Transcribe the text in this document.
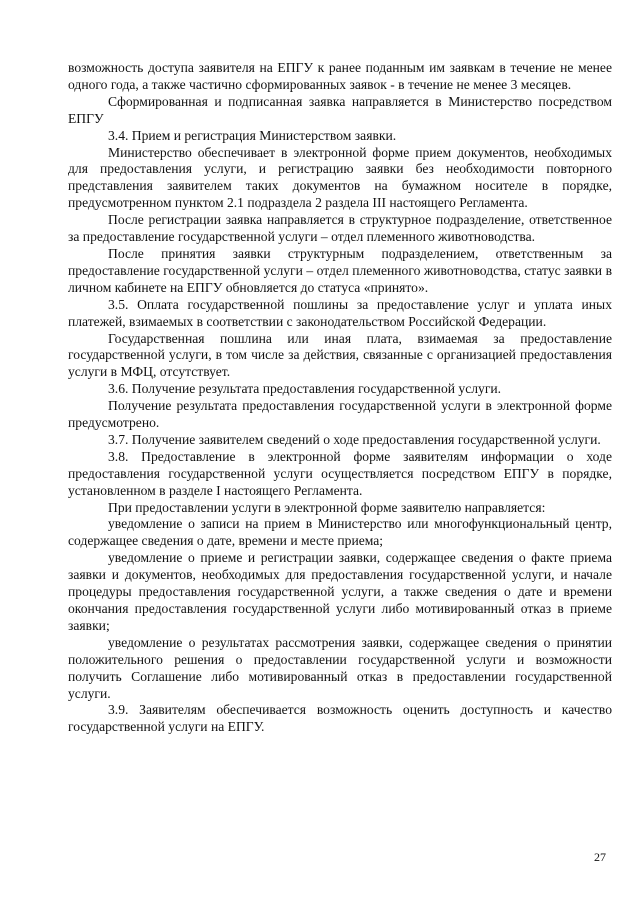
возможность доступа заявителя на ЕПГУ к ранее поданным им заявкам в течение не менее одного года, а также частично сформированных заявок - в течение не менее 3 месяцев.

Сформированная и подписанная заявка направляется в Министерство посредством ЕПГУ

3.4. Прием и регистрация Министерством заявки.

Министерство обеспечивает в электронной форме прием документов, необходимых для предоставления услуги, и регистрацию заявки без необходимости повторного представления заявителем таких документов на бумажном носителе в порядке, предусмотренном пунктом 2.1 подраздела 2 раздела III настоящего Регламента.

После регистрации заявка направляется в структурное подразделение, ответственное за предоставление государственной услуги – отдел племенного животноводства.

После принятия заявки структурным подразделением, ответственным за предоставление государственной услуги – отдел племенного животноводства, статус заявки в личном кабинете на ЕПГУ обновляется до статуса «принято».

3.5. Оплата государственной пошлины за предоставление услуг и уплата иных платежей, взимаемых в соответствии с законодательством Российской Федерации.

Государственная пошлина или иная плата, взимаемая за предоставление государственной услуги, в том числе за действия, связанные с организацией предоставления услуги в МФЦ, отсутствует.

3.6. Получение результата предоставления государственной услуги.

Получение результата предоставления государственной услуги в электронной форме предусмотрено.

3.7. Получение заявителем сведений о ходе предоставления государственной услуги.

3.8. Предоставление в электронной форме заявителям информации о ходе предоставления государственной услуги осуществляется посредством ЕПГУ в порядке, установленном в разделе I настоящего Регламента.

При предоставлении услуги в электронной форме заявителю направляется:

уведомление о записи на прием в Министерство или многофункциональный центр, содержащее сведения о дате, времени и месте приема;

уведомление о приеме и регистрации заявки, содержащее сведения о факте приема заявки и документов, необходимых для предоставления государственной услуги, и начале процедуры предоставления государственной услуги, а также сведения о дате и времени окончания предоставления государственной услуги либо мотивированный отказ в приеме заявки;

уведомление о результатах рассмотрения заявки, содержащее сведения о принятии положительного решения о предоставлении государственной услуги и возможности получить Соглашение либо мотивированный отказ в предоставлении государственной услуги.

3.9. Заявителям обеспечивается возможность оценить доступность и качество государственной услуги на ЕПГУ.

27
